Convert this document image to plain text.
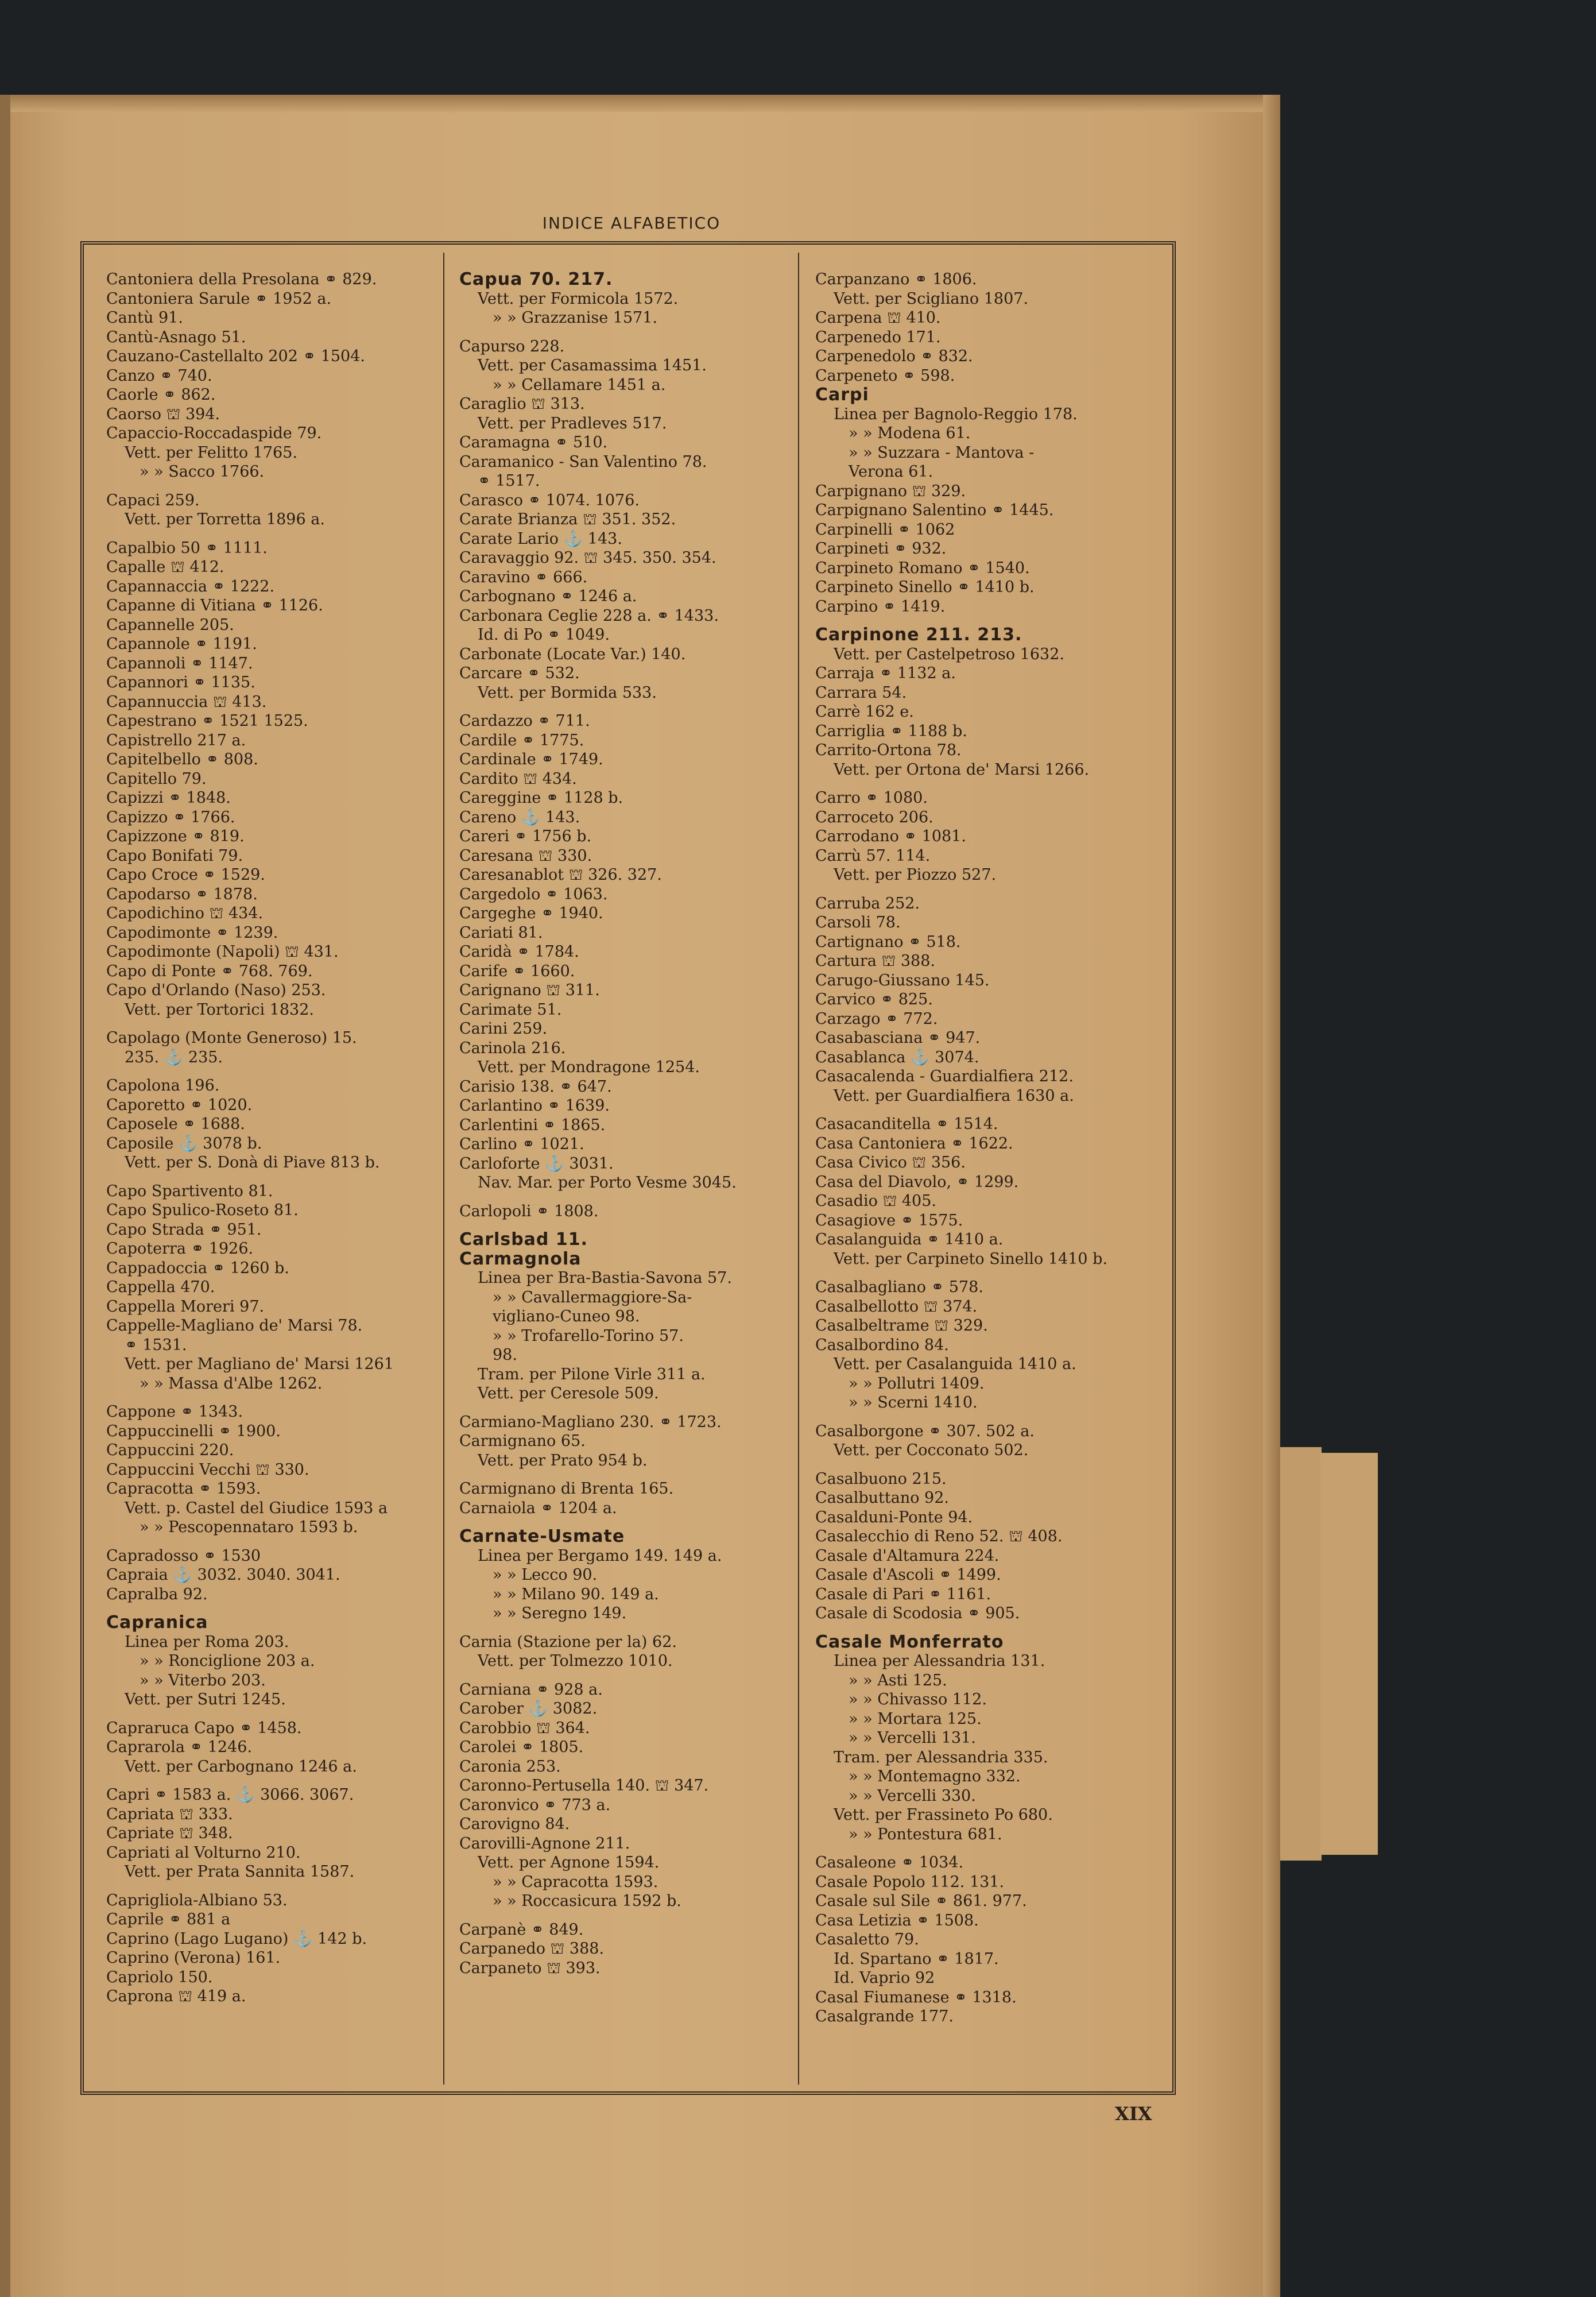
INDICE ALFABETICO
Cantoniera della Presolana ⚭ 829.
Cantoniera Sarule ⚭ 1952 a.
Cantù 91.
Cantù-Asnago 51.
Cauzano-Castellalto 202 ⚭ 1504.
Canzo ⚭ 740.
Caorle ⚭ 862.
Caorso ⛫ 394.
Capaccio-Roccadaspide 79.
Vett. per Felitto 1765.
» » Sacco 1766.
Capaci 259.
Vett. per Torretta 1896 a.
Capalbio 50 ⚭ 1111.
Capalle ⛫ 412.
Capannaccia ⚭ 1222.
Capanne di Vitiana ⚭ 1126.
Capannelle 205.
Capannole ⚭ 1191.
Capannoli ⚭ 1147.
Capannori ⚭ 1135.
Capannuccia ⛫ 413.
Capestrano ⚭ 1521 1525.
Capistrello 217 a.
Capitelbello ⚭ 808.
Capitello 79.
Capizzi ⚭ 1848.
Capizzo ⚭ 1766.
Capizzone ⚭ 819.
Capo Bonifati 79.
Capo Croce ⚭ 1529.
Capodarso ⚭ 1878.
Capodichino ⛫ 434.
Capodimonte ⚭ 1239.
Capodimonte (Napoli) ⛫ 431.
Capo di Ponte ⚭ 768. 769.
Capo d'Orlando (Naso) 253.
Vett. per Tortorici 1832.
Capolago (Monte Generoso) 15.
235. ⚓ 235.
Capolona 196.
Caporetto ⚭ 1020.
Caposele ⚭ 1688.
Caposile ⚓ 3078 b.
Vett. per S. Donà di Piave 813 b.
Capo Spartivento 81.
Capo Spulico-Roseto 81.
Capo Strada ⚭ 951.
Capoterra ⚭ 1926.
Cappadoccia ⚭ 1260 b.
Cappella 470.
Cappella Moreri 97.
Cappelle-Magliano de' Marsi 78.
⚭ 1531.
Vett. per Magliano de' Marsi 1261
» » Massa d'Albe 1262.
Cappone ⚭ 1343.
Cappuccinelli ⚭ 1900.
Cappuccini 220.
Cappuccini Vecchi ⛫ 330.
Capracotta ⚭ 1593.
Vett. p. Castel del Giudice 1593 a
» » Pescopennataro 1593 b.
Capradosso ⚭ 1530
Capraia ⚓ 3032. 3040. 3041.
Capralba 92.
Capranica
Linea per Roma 203.
» » Ronciglione 203 a.
» » Viterbo 203.
Vett. per Sutri 1245.
Capraruca Capo ⚭ 1458.
Caprarola ⚭ 1246.
Vett. per Carbognano 1246 a.
Capri ⚭ 1583 a. ⚓ 3066. 3067.
Capriata ⛫ 333.
Capriate ⛫ 348.
Capriati al Volturno 210.
Vett. per Prata Sannita 1587.
Caprigliola-Albiano 53.
Caprile ⚭ 881 a
Caprino (Lago Lugano) ⚓ 142 b.
Caprino (Verona) 161.
Capriolo 150.
Caprona ⛫ 419 a.
Capua 70. 217.
Vett. per Formicola 1572.
» » Grazzanise 1571.
Capurso 228.
Vett. per Casamassima 1451.
» » Cellamare 1451 a.
Caraglio ⛫ 313.
Vett. per Pradleves 517.
Caramagna ⚭ 510.
Caramanico - San Valentino 78.
⚭ 1517.
Carasco ⚭ 1074. 1076.
Carate Brianza ⛫ 351. 352.
Carate Lario ⚓ 143.
Caravaggio 92. ⛫ 345. 350. 354.
Caravino ⚭ 666.
Carbognano ⚭ 1246 a.
Carbonara Ceglie 228 a. ⚭ 1433.
Id. di Po ⚭ 1049.
Carbonate (Locate Var.) 140.
Carcare ⚭ 532.
Vett. per Bormida 533.
Cardazzo ⚭ 711.
Cardile ⚭ 1775.
Cardinale ⚭ 1749.
Cardito ⛫ 434.
Careggine ⚭ 1128 b.
Careno ⚓ 143.
Careri ⚭ 1756 b.
Caresana ⛫ 330.
Caresanablot ⛫ 326. 327.
Cargedolo ⚭ 1063.
Cargeghe ⚭ 1940.
Cariati 81.
Caridà ⚭ 1784.
Carife ⚭ 1660.
Carignano ⛫ 311.
Carimate 51.
Carini 259.
Carinola 216.
Vett. per Mondragone 1254.
Carisio 138. ⚭ 647.
Carlantino ⚭ 1639.
Carlentini ⚭ 1865.
Carlino ⚭ 1021.
Carloforte ⚓ 3031.
Nav. Mar. per Porto Vesme 3045.
Carlopoli ⚭ 1808.
Carlsbad 11.
Carmagnola
Linea per Bra-Bastia-Savona 57.
» » Cavallermaggiore-Sa-
vigliano-Cuneo 98.
» » Trofarello-Torino 57.
98.
Tram. per Pilone Virle 311 a.
Vett. per Ceresole 509.
Carmiano-Magliano 230. ⚭ 1723.
Carmignano 65.
Vett. per Prato 954 b.
Carmignano di Brenta 165.
Carnaiola ⚭ 1204 a.
Carnate-Usmate
Linea per Bergamo 149. 149 a.
» » Lecco 90.
» » Milano 90. 149 a.
» » Seregno 149.
Carnia (Stazione per la) 62.
Vett. per Tolmezzo 1010.
Carniana ⚭ 928 a.
Carober ⚓ 3082.
Carobbio ⛫ 364.
Carolei ⚭ 1805.
Caronia 253.
Caronno-Pertusella 140. ⛫ 347.
Caronvico ⚭ 773 a.
Carovigno 84.
Carovilli-Agnone 211.
Vett. per Agnone 1594.
» » Capracotta 1593.
» » Roccasicura 1592 b.
Carpanè ⚭ 849.
Carpanedo ⛫ 388.
Carpaneto ⛫ 393.
Carpanzano ⚭ 1806.
Vett. per Scigliano 1807.
Carpena ⛫ 410.
Carpenedo 171.
Carpenedolo ⚭ 832.
Carpeneto ⚭ 598.
Carpi
Linea per Bagnolo-Reggio 178.
» » Modena 61.
» » Suzzara - Mantova -
Verona 61.
Carpignano ⛫ 329.
Carpignano Salentino ⚭ 1445.
Carpinelli ⚭ 1062
Carpineti ⚭ 932.
Carpineto Romano ⚭ 1540.
Carpineto Sinello ⚭ 1410 b.
Carpino ⚭ 1419.
Carpinone 211. 213.
Vett. per Castelpetroso 1632.
Carraja ⚭ 1132 a.
Carrara 54.
Carrè 162 e.
Carriglia ⚭ 1188 b.
Carrito-Ortona 78.
Vett. per Ortona de' Marsi 1266.
Carro ⚭ 1080.
Carroceto 206.
Carrodano ⚭ 1081.
Carrù 57. 114.
Vett. per Piozzo 527.
Carruba 252.
Carsoli 78.
Cartignano ⚭ 518.
Cartura ⛫ 388.
Carugo-Giussano 145.
Carvico ⚭ 825.
Carzago ⚭ 772.
Casabasciana ⚭ 947.
Casablanca ⚓ 3074.
Casacalenda - Guardialfiera 212.
Vett. per Guardialfiera 1630 a.
Casacanditella ⚭ 1514.
Casa Cantoniera ⚭ 1622.
Casa Civico ⛫ 356.
Casa del Diavolo, ⚭ 1299.
Casadio ⛫ 405.
Casagiove ⚭ 1575.
Casalanguida ⚭ 1410 a.
Vett. per Carpineto Sinello 1410 b.
Casalbagliano ⚭ 578.
Casalbellotto ⛫ 374.
Casalbeltrame ⛫ 329.
Casalbordino 84.
Vett. per Casalanguida 1410 a.
» » Pollutri 1409.
» » Scerni 1410.
Casalborgone ⚭ 307. 502 a.
Vett. per Cocconato 502.
Casalbuono 215.
Casalbuttano 92.
Casalduni-Ponte 94.
Casalecchio di Reno 52. ⛫ 408.
Casale d'Altamura 224.
Casale d'Ascoli ⚭ 1499.
Casale di Pari ⚭ 1161.
Casale di Scodosia ⚭ 905.
Casale Monferrato
Linea per Alessandria 131.
» » Asti 125.
» » Chivasso 112.
» » Mortara 125.
» » Vercelli 131.
Tram. per Alessandria 335.
» » Montemagno 332.
» » Vercelli 330.
Vett. per Frassineto Po 680.
» » Pontestura 681.
Casaleone ⚭ 1034.
Casale Popolo 112. 131.
Casale sul Sile ⚭ 861. 977.
Casa Letizia ⚭ 1508.
Casaletto 79.
Id. Spartano ⚭ 1817.
Id. Vaprio 92
Casal Fiumanese ⚭ 1318.
Casalgrande 177.
XIX
